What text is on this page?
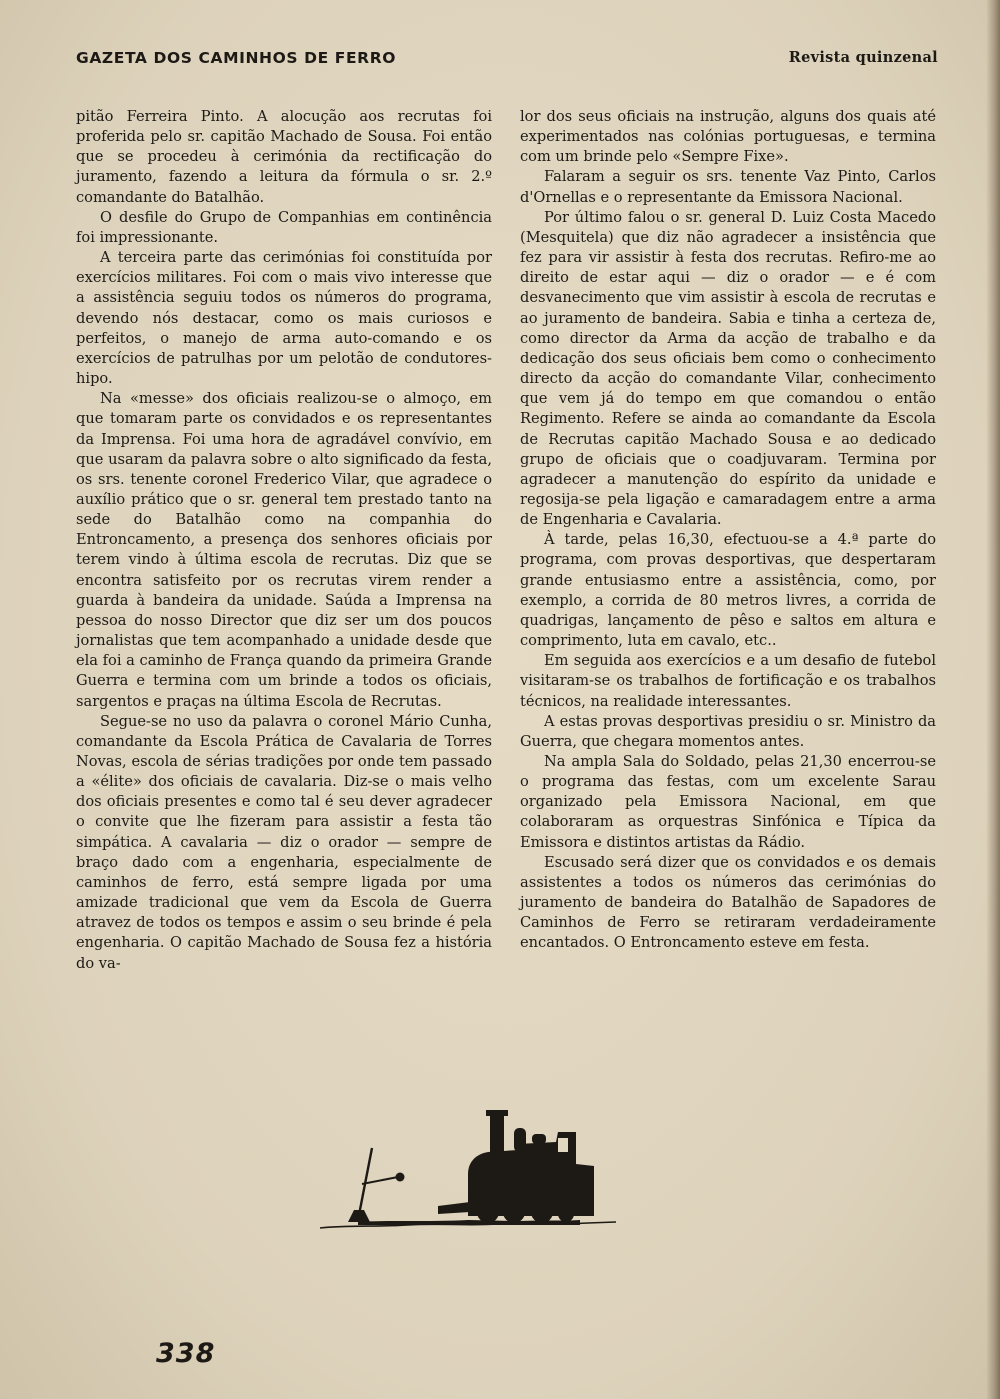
GAZETA DOS CAMINHOS DE FERRO	Revista quinzenal

pitão Ferreira Pinto. A alocução aos recrutas foi proferida pelo sr. capitão Machado de Sousa. Foi então que se procedeu à cerimónia da rectificação do juramento, fazendo a leitura da fórmula o sr. 2.º comandante do Batalhão.

O desfile do Grupo de Companhias em continência foi impressionante.

A terceira parte das cerimónias foi constituída por exercícios militares. Foi com o mais vivo interesse que a assistência seguiu todos os números do programa, devendo nós destacar, como os mais curiosos e perfeitos, o manejo de arma auto-comando e os exercícios de patrulhas por um pelotão de condutores-hipo.

Na «messe» dos oficiais realizou-se o almoço, em que tomaram parte os convidados e os representantes da Imprensa. Foi uma hora de agradável convívio, em que usaram da palavra sobre o alto significado da festa, os srs. tenente coronel Frederico Vilar, que agradece o auxílio prático que o sr. general tem prestado tanto na sede do Batalhão como na companhia do Entroncamento, a presença dos senhores oficiais por terem vindo à última escola de recrutas. Diz que se encontra satisfeito por os recrutas virem render a guarda à bandeira da unidade. Saúda a Imprensa na pessoa do nosso Director que diz ser um dos poucos jornalistas que tem acompanhado a unidade desde que ela foi a caminho de França quando da primeira Grande Guerra e termina com um brinde a todos os oficiais, sargentos e praças na última Escola de Recrutas.

Segue-se no uso da palavra o coronel Mário Cunha, comandante da Escola Prática de Cavalaria de Torres Novas, escola de sérias tradições por onde tem passado a «élite» dos oficiais de cavalaria. Diz-se o mais velho dos oficiais presentes e como tal é seu dever agradecer o convite que lhe fizeram para assistir a festa tão simpática. A cavalaria — diz o orador — sempre de braço dado com a engenharia, especialmente de caminhos de ferro, está sempre ligada por uma amizade tradicional que vem da Escola de Guerra atravez de todos os tempos e assim o seu brinde é pela engenharia. O capitão Machado de Sousa fez a história do va-

lor dos seus oficiais na instrução, alguns dos quais até experimentados nas colónias portuguesas, e termina com um brinde pelo «Sempre Fixe».

Falaram a seguir os srs. tenente Vaz Pinto, Carlos d'Ornellas e o representante da Emissora Nacional.

Por último falou o sr. general D. Luiz Costa Macedo (Mesquitela) que diz não agradecer a insistência que fez para vir assistir à festa dos recrutas. Refiro-me ao direito de estar aqui — diz o orador — e é com desvanecimento que vim assistir à escola de recrutas e ao juramento de bandeira. Sabia e tinha a certeza de, como director da Arma da acção de trabalho e da dedicação dos seus oficiais bem como o conhecimento directo da acção do comandante Vilar, conhecimento que vem já do tempo em que comandou o então Regimento. Refere se ainda ao comandante da Escola de Recrutas capitão Machado Sousa e ao dedicado grupo de oficiais que o coadjuvaram. Termina por agradecer a manutenção do espírito da unidade e regosija-se pela ligação e camaradagem entre a arma de Engenharia e Cavalaria.

À tarde, pelas 16,30, efectuou-se a 4.ª parte do programa, com provas desportivas, que despertaram grande entusiasmo entre a assistência, como, por exemplo, a corrida de 80 metros livres, a corrida de quadrigas, lançamento de pêso e saltos em altura e comprimento, luta em cavalo, etc..

Em seguida aos exercícios e a um desafio de futebol visitaram-se os trabalhos de fortificação e os trabalhos técnicos, na realidade interessantes.

A estas provas desportivas presidiu o sr. Ministro da Guerra, que chegara momentos antes.

Na ampla Sala do Soldado, pelas 21,30 encerrou-se o programa das festas, com um excelente Sarau organizado pela Emissora Nacional, em que colaboraram as orquestras Sinfónica e Típica da Emissora e distintos artistas da Rádio.

Escusado será dizer que os convidados e os demais assistentes a todos os números das cerimónias do juramento de bandeira do Batalhão de Sapadores de Caminhos de Ferro se retiraram verdadeiramente encantados. O Entroncamento esteve em festa.

338
